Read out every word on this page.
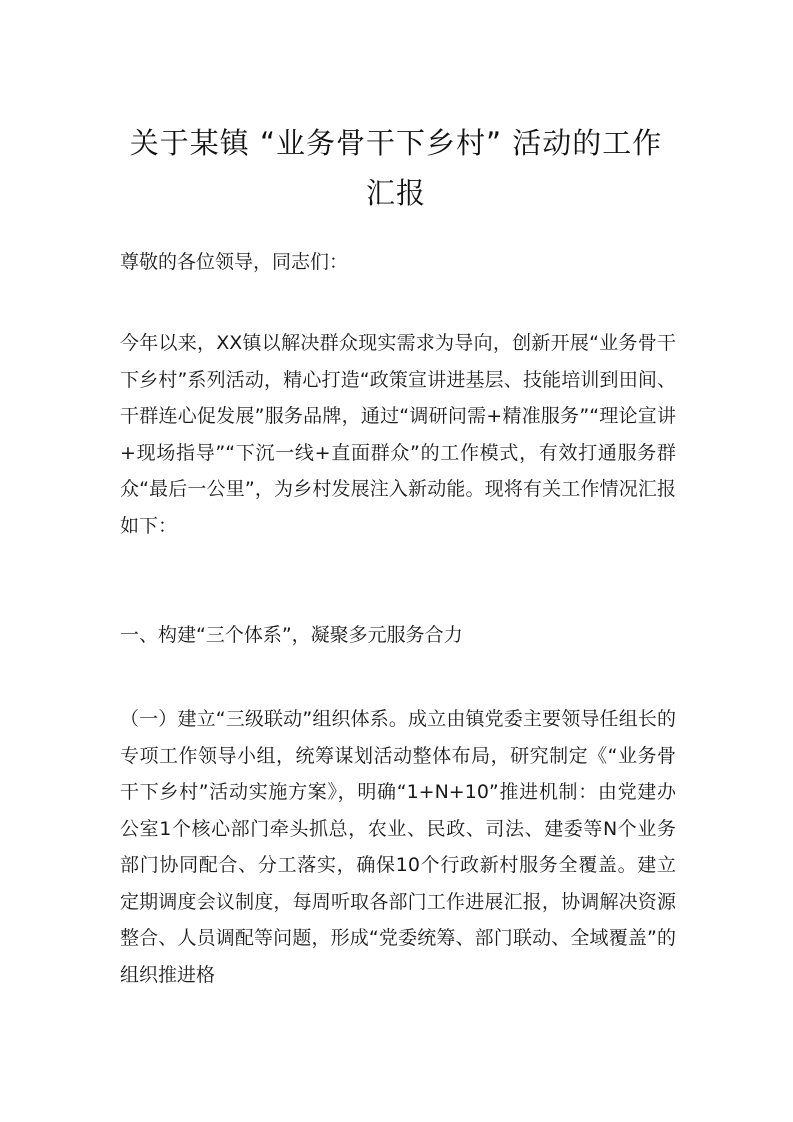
关于某镇 “业务骨干下乡村” 活动的工作汇报

尊敬的各位领导，同志们：

今年以来，XX镇以解决群众现实需求为导向，创新开展“业务骨干下乡村”系列活动，精心打造“政策宣讲进基层、技能培训到田间、干群连心促发展”服务品牌，通过“调研问需+精准服务”“理论宣讲+现场指导”“下沉一线+直面群众”的工作模式，有效打通服务群众“最后一公里”，为乡村发展注入新动能。现将有关工作情况汇报如下：

一、构建“三个体系”，凝聚多元服务合力

（一）建立“三级联动”组织体系。成立由镇党委主要领导任组长的专项工作领导小组，统筹谋划活动整体布局，研究制定《“业务骨干下乡村”活动实施方案》，明确“1+N+10”推进机制：由党建办公室1个核心部门牵头抓总，农业、民政、司法、建委等N个业务部门协同配合、分工落实，确保10个行政新村服务全覆盖。建立定期调度会议制度，每周听取各部门工作进展汇报，协调解决资源整合、人员调配等问题，形成“党委统筹、部门联动、全域覆盖”的组织推进格
